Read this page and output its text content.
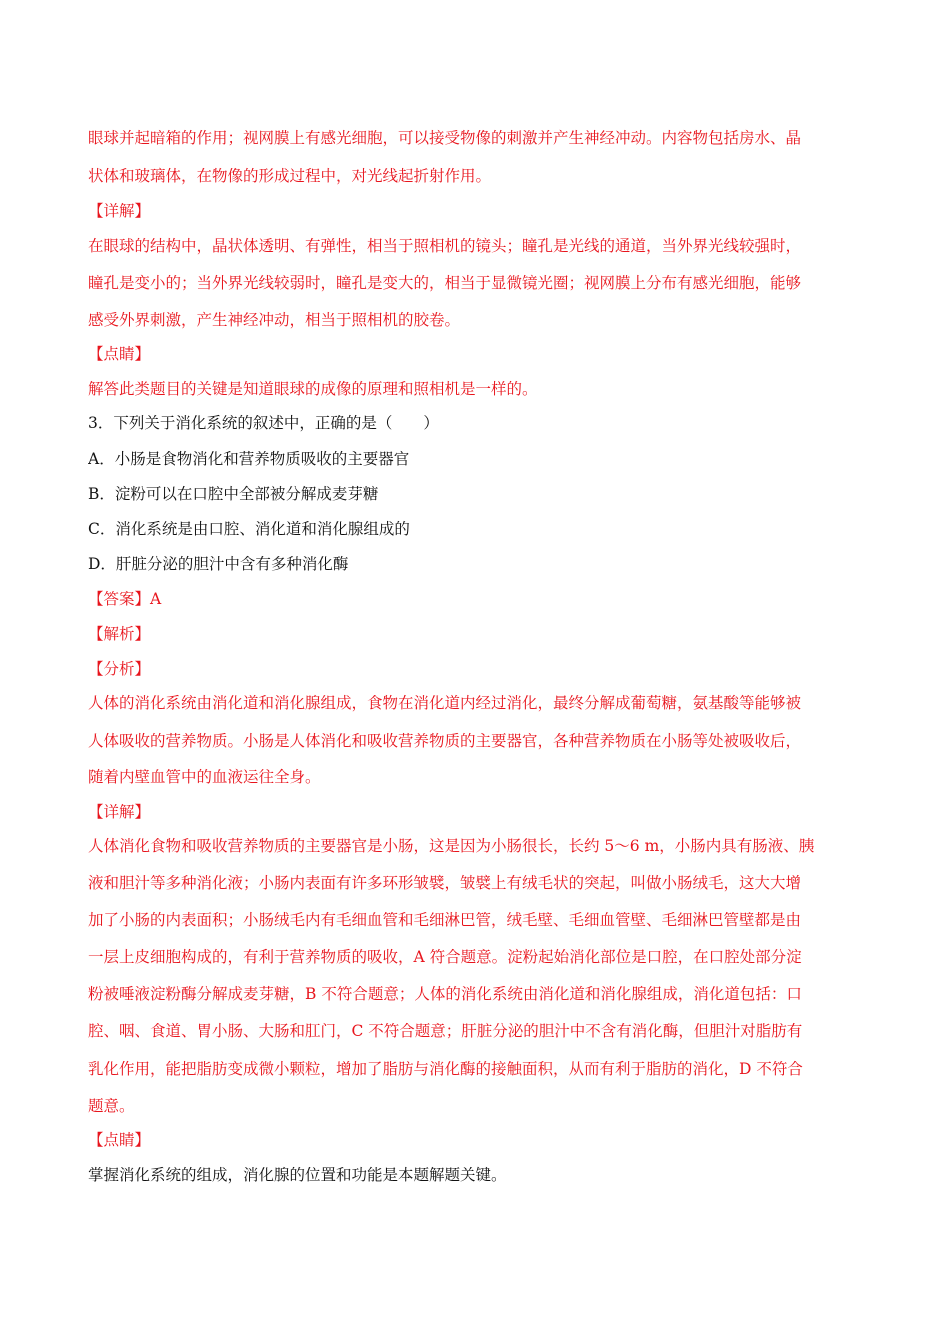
眼球并起暗箱的作用；视网膜上有感光细胞，可以接受物像的刺激并产生神经冲动。内容物包括房水、晶
状体和玻璃体，在物像的形成过程中，对光线起折射作用。
【详解】
在眼球的结构中，晶状体透明、有弹性，相当于照相机的镜头；瞳孔是光线的通道，当外界光线较强时，
瞳孔是变小的；当外界光线较弱时，瞳孔是变大的，相当于显微镜光圈；视网膜上分布有感光细胞，能够
感受外界刺激，产生神经冲动，相当于照相机的胶卷。
【点睛】
解答此类题目的关键是知道眼球的成像的原理和照相机是一样的。
3．下列关于消化系统的叙述中，正确的是（　　）
A．小肠是食物消化和营养物质吸收的主要器官
B．淀粉可以在口腔中全部被分解成麦芽糖
C．消化系统是由口腔、消化道和消化腺组成的
D．肝脏分泌的胆汁中含有多种消化酶
【答案】A
【解析】
【分析】
人体的消化系统由消化道和消化腺组成，食物在消化道内经过消化，最终分解成葡萄糖，氨基酸等能够被
人体吸收的营养物质。小肠是人体消化和吸收营养物质的主要器官，各种营养物质在小肠等处被吸收后，
随着内壁血管中的血液运往全身。
【详解】
人体消化食物和吸收营养物质的主要器官是小肠，这是因为小肠很长，长约 5～6 m，小肠内具有肠液、胰
液和胆汁等多种消化液；小肠内表面有许多环形皱襞，皱襞上有绒毛状的突起，叫做小肠绒毛，这大大增
加了小肠的内表面积；小肠绒毛内有毛细血管和毛细淋巴管，绒毛壁、毛细血管壁、毛细淋巴管壁都是由
一层上皮细胞构成的，有利于营养物质的吸收，A 符合题意。淀粉起始消化部位是口腔，在口腔处部分淀
粉被唾液淀粉酶分解成麦芽糖，B 不符合题意；人体的消化系统由消化道和消化腺组成，消化道包括：口
腔、咽、食道、胃小肠、大肠和肛门，C 不符合题意；肝脏分泌的胆汁中不含有消化酶，但胆汁对脂肪有
乳化作用，能把脂肪变成微小颗粒，增加了脂肪与消化酶的接触面积，从而有利于脂肪的消化，D 不符合
题意。
【点睛】
掌握消化系统的组成，消化腺的位置和功能是本题解题关键。
